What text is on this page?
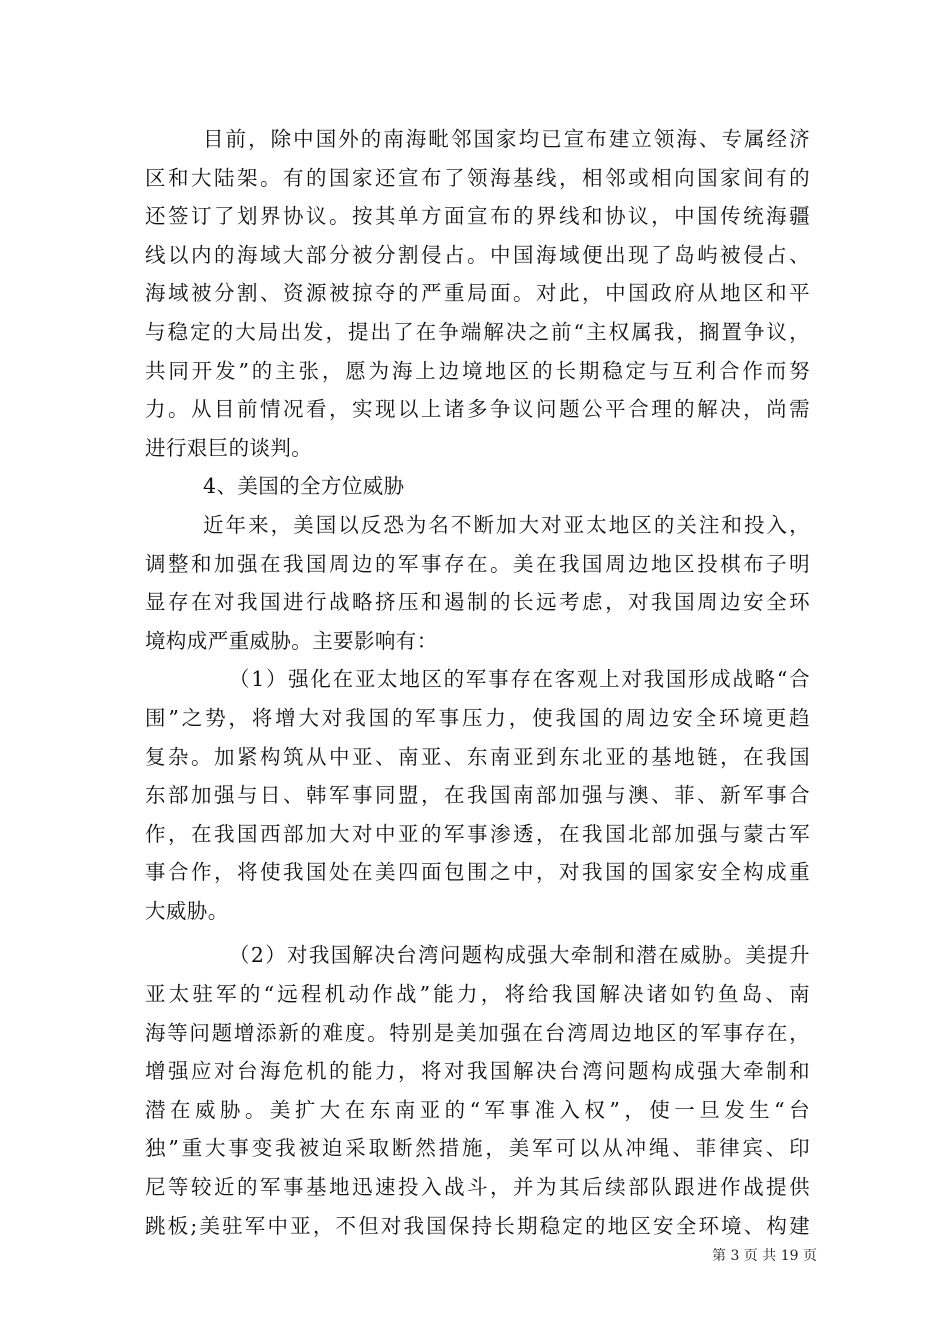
目前，除中国外的南海毗邻国家均已宣布建立领海、专属经济
区和大陆架。有的国家还宣布了领海基线，相邻或相向国家间有的
还签订了划界协议。按其单方面宣布的界线和协议，中国传统海疆
线以内的海域大部分被分割侵占。中国海域便出现了岛屿被侵占、
海域被分割、资源被掠夺的严重局面。对此，中国政府从地区和平
与稳定的大局出发，提出了在争端解决之前“主权属我，搁置争议，
共同开发”的主张，愿为海上边境地区的长期稳定与互利合作而努
力。从目前情况看，实现以上诸多争议问题公平合理的解决，尚需
进行艰巨的谈判。
4、美国的全方位威胁
近年来，美国以反恐为名不断加大对亚太地区的关注和投入，
调整和加强在我国周边的军事存在。美在我国周边地区投棋布子明
显存在对我国进行战略挤压和遏制的长远考虑，对我国周边安全环
境构成严重威胁。主要影响有：
（1）强化在亚太地区的军事存在客观上对我国形成战略“合
围”之势，将增大对我国的军事压力，使我国的周边安全环境更趋
复杂。加紧构筑从中亚、南亚、东南亚到东北亚的基地链，在我国
东部加强与日、韩军事同盟，在我国南部加强与澳、菲、新军事合
作，在我国西部加大对中亚的军事渗透，在我国北部加强与蒙古军
事合作，将使我国处在美四面包围之中，对我国的国家安全构成重
大威胁。
（2）对我国解决台湾问题构成强大牵制和潜在威胁。美提升
亚太驻军的“远程机动作战”能力，将给我国解决诸如钓鱼岛、南
海等问题增添新的难度。特别是美加强在台湾周边地区的军事存在，
增强应对台海危机的能力，将对我国解决台湾问题构成强大牵制和
潜在威胁。美扩大在东南亚的“军事准入权”，使一旦发生“台
独”重大事变我被迫采取断然措施，美军可以从冲绳、菲律宾、印
尼等较近的军事基地迅速投入战斗，并为其后续部队跟进作战提供
跳板;美驻军中亚，不但对我国保持长期稳定的地区安全环境、构建
第 3 页 共 19 页
